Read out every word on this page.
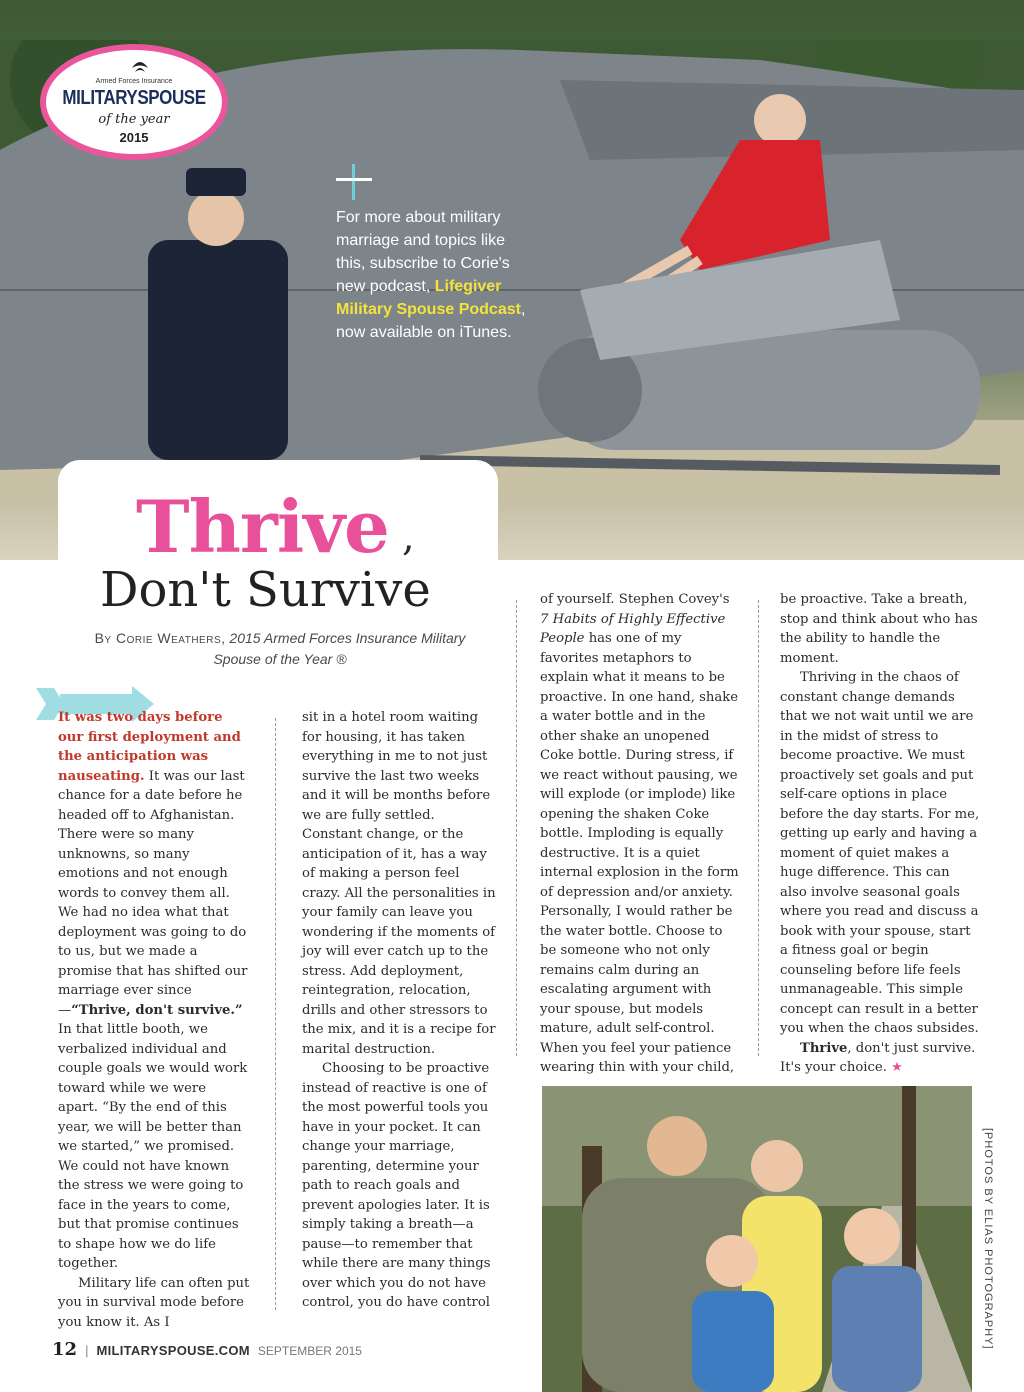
Armed Forces Insurance
MILITARYSPOUSE
of the year
2015
For more about military marriage and topics like this, subscribe to Corie's new podcast, Lifegiver Military Spouse Podcast, now available on iTunes.
Thrive ,
Don't Survive
By Corie Weathers, 2015 Armed Forces Insurance Military Spouse of the Year ®

It was two days before our first deployment and the anticipation was nauseating. It was our last chance for a date before he headed off to Afghanistan. There were so many unknowns, so many emotions and not enough words to convey them all. We had no idea what that deployment was going to do to us, but we made a promise that has shifted our marriage ever since—“Thrive, don't survive.” In that little booth, we verbalized individual and couple goals we would work toward while we were apart. “By the end of this year, we will be better than we started,” we promised. We could not have known the stress we were going to face in the years to come, but that promise continues to shape how we do life together.

Military life can often put you in survival mode before you know it. As I

sit in a hotel room waiting for housing, it has taken everything in me to not just survive the last two weeks and it will be months before we are fully settled. Constant change, or the anticipation of it, has a way of making a person feel crazy. All the personalities in your family can leave you wondering if the moments of joy will ever catch up to the stress. Add deployment, reintegration, relocation, drills and other stressors to the mix, and it is a recipe for marital destruction.

Choosing to be proactive instead of reactive is one of the most powerful tools you have in your pocket. It can change your marriage, parenting, determine your path to reach goals and prevent apologies later. It is simply taking a breath—a pause—to remember that while there are many things over which you do not have control, you do have control

of yourself. Stephen Covey's 7 Habits of Highly Effective People has one of my favorites metaphors to explain what it means to be proactive. In one hand, shake a water bottle and in the other shake an unopened Coke bottle. During stress, if we react without pausing, we will explode (or implode) like opening the shaken Coke bottle. Imploding is equally destructive. It is a quiet internal explosion in the form of depression and/or anxiety. Personally, I would rather be the water bottle. Choose to be someone who not only remains calm during an escalating argument with your spouse, but models mature, adult self-control. When you feel your patience wearing thin with your child,

be proactive. Take a breath, stop and think about who has the ability to handle the moment.

Thriving in the chaos of constant change demands that we not wait until we are in the midst of stress to become proactive. We must proactively set goals and put self-care options in place before the day starts. For me, getting up early and having a moment of quiet makes a huge difference. This can also involve seasonal goals where you read and discuss a book with your spouse, start a fitness goal or begin counseling before life feels unmanageable. This simple concept can result in a better you when the chaos subsides.

Thrive, don't just survive. It's your choice. ★

[PHOTOS BY ELIAS PHOTOGRAPHY]
12 | MILITARYSPOUSE.COM SEPTEMBER 2015
